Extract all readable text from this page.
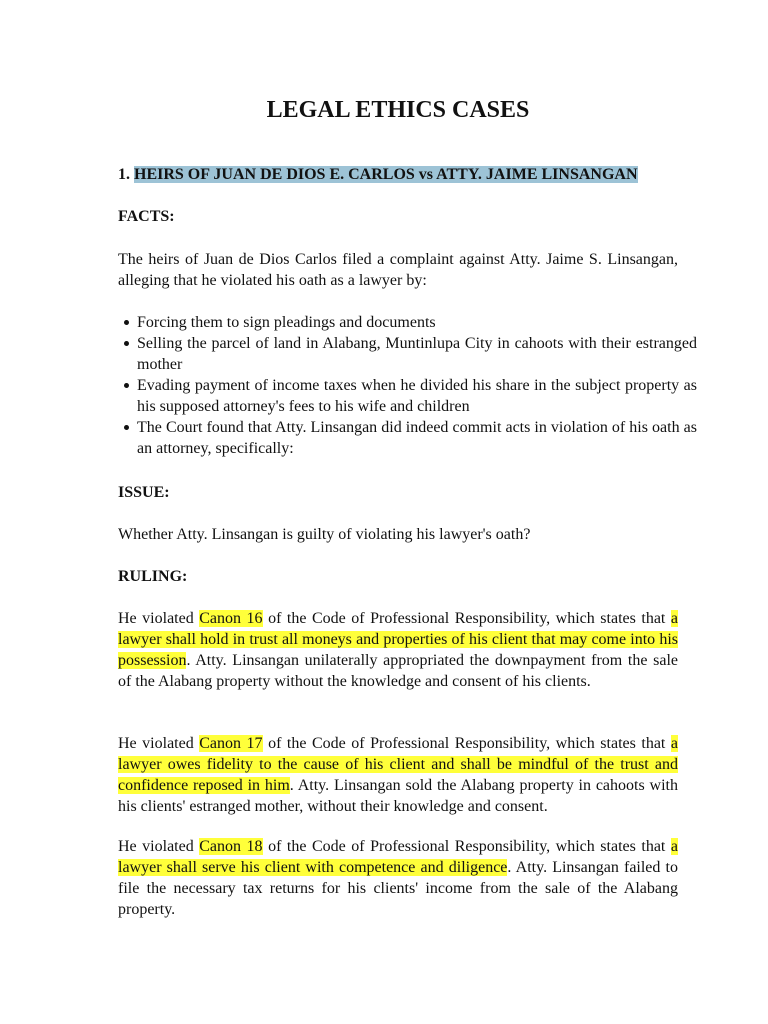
LEGAL ETHICS CASES

1. HEIRS OF JUAN DE DIOS E. CARLOS vs ATTY. JAIME LINSANGAN

FACTS:

The heirs of Juan de Dios Carlos filed a complaint against Atty. Jaime S. Linsangan, alleging that he violated his oath as a lawyer by:

Forcing them to sign pleadings and documents
Selling the parcel of land in Alabang, Muntinlupa City in cahoots with their estranged mother
Evading payment of income taxes when he divided his share in the subject property as his supposed attorney's fees to his wife and children
The Court found that Atty. Linsangan did indeed commit acts in violation of his oath as an attorney, specifically:

ISSUE:

Whether Atty. Linsangan is guilty of violating his lawyer's oath?

RULING:

He violated Canon 16 of the Code of Professional Responsibility, which states that a lawyer shall hold in trust all moneys and properties of his client that may come into his possession. Atty. Linsangan unilaterally appropriated the downpayment from the sale of the Alabang property without the knowledge and consent of his clients.

He violated Canon 17 of the Code of Professional Responsibility, which states that a lawyer owes fidelity to the cause of his client and shall be mindful of the trust and confidence reposed in him. Atty. Linsangan sold the Alabang property in cahoots with his clients' estranged mother, without their knowledge and consent.

He violated Canon 18 of the Code of Professional Responsibility, which states that a lawyer shall serve his client with competence and diligence. Atty. Linsangan failed to file the necessary tax returns for his clients' income from the sale of the Alabang property.
